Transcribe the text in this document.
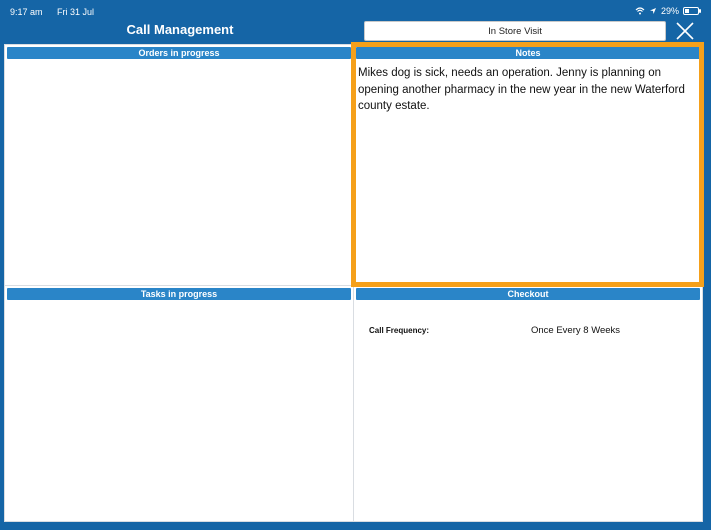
9:17 am Fri 31 Jul	29%
Call Management	In Store Visit
Orders in progress	Notes
Mikes dog is sick, needs an operation. Jenny is planning on opening another pharmacy in the new year in the new Waterford county estate.
Tasks in progress	Checkout
Call Frequency:	Once Every 8 Weeks
